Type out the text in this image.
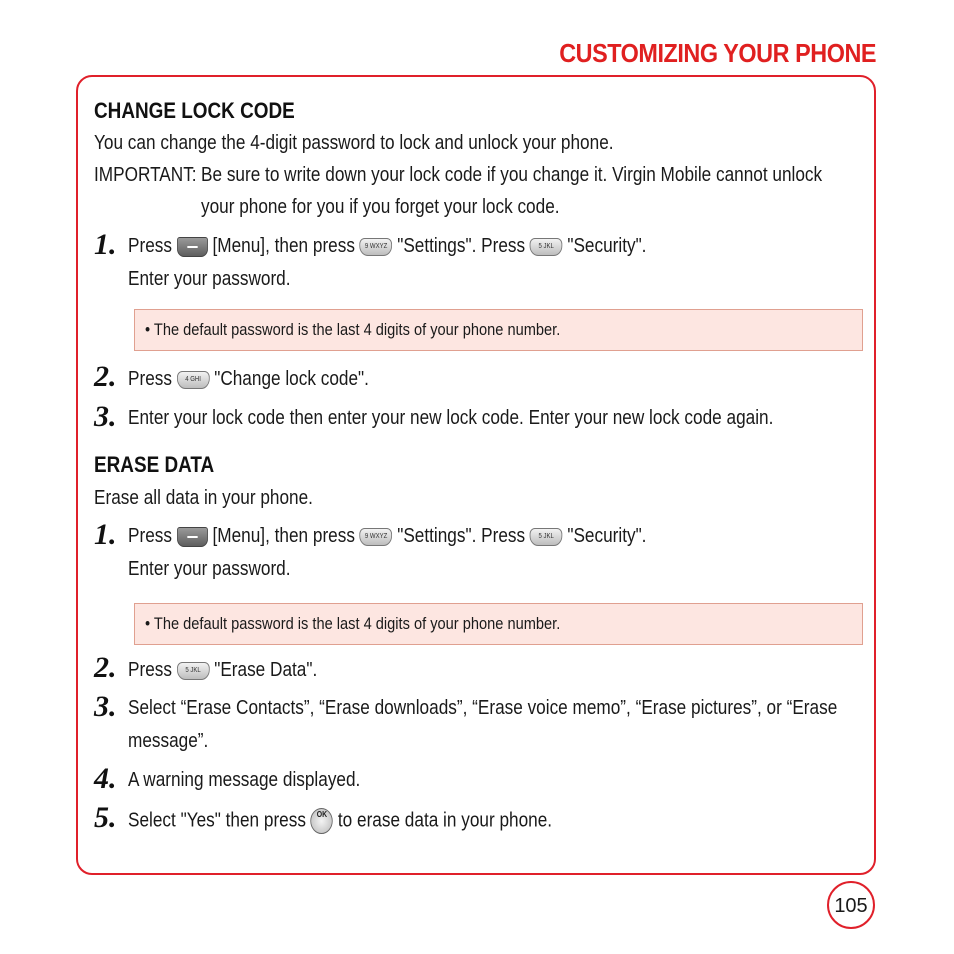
CUSTOMIZING YOUR PHONE
CHANGE LOCK CODE
You can change the 4-digit password to lock and unlock your phone.
IMPORTANT: Be sure to write down your lock code if you change it. Virgin Mobile cannot unlock
your phone for you if you forget your lock code.
1. Press [Menu], then press 9 WXYZ "Settings". Press 5 JKL "Security".
Enter your password.
• The default password is the last 4 digits of your phone number.
2. Press 4 GHI "Change lock code".
3. Enter your lock code then enter your new lock code. Enter your new lock code again.
ERASE DATA
Erase all data in your phone.
1. Press [Menu], then press 9 WXYZ "Settings". Press 5 JKL "Security".
Enter your password.
• The default password is the last 4 digits of your phone number.
2. Press 5 JKL "Erase Data".
3. Select “Erase Contacts”, “Erase downloads”, “Erase voice memo”, “Erase pictures”, or “Erase
message”.
4. A warning message displayed.
5. Select "Yes" then press OK to erase data in your phone.
105
